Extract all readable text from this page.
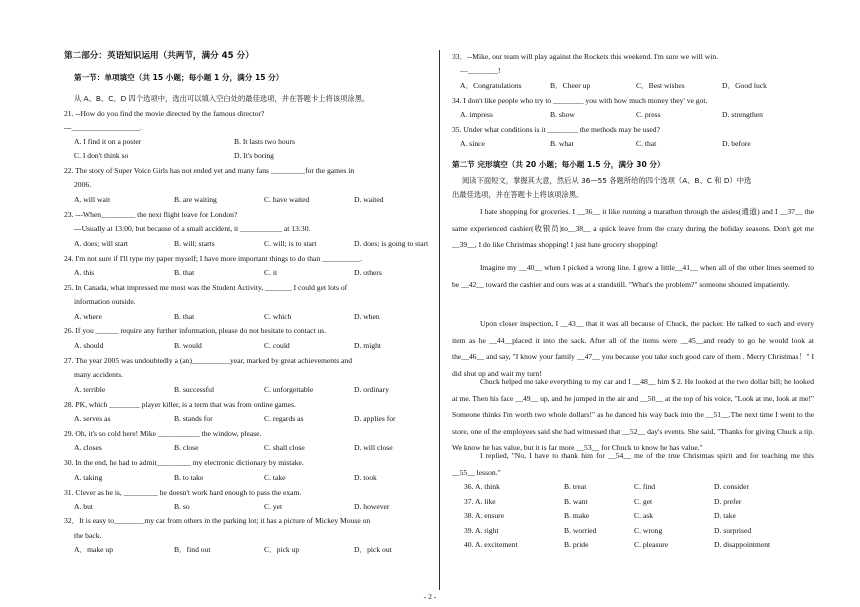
第二部分：英语知识运用（共两节，满分 45 分）
第一节：单项填空（共 15 小题；每小题 1 分，满分 15 分）
从 A、B、C、D 四个选项中，选出可以填入空白处的最佳选项，并在答题卡上将该项涂黑。
21. --How do you find the movie directed by the famous director?
---__________________.
A. I find it on a poster	B. It lasts two hours
C. I don't think so	D. It's boring
22. The story of Super Voice Girls has not ended yet and many fans _________for the games in
2006.
A. will wait	B. are waiting	C. have waited	D. waited
23. ---When_________ the next flight leave for London?
---Usually at 13:00, but because of a small accident, it ___________ at 13:30.
A. does; will start	B. will; starts	C. will; is to start	D. does; is going to start
24. I'm not sure if I'll type my paper myself; I have more important things to do than __________.
A. this	B. that	C. it	D. others
25. In Canada, what impressed me most was the Student Activity, _______ I could get lots of
information outside.
A. where	B. that	C. which	D. when
26. If you ______ require any further information, please do not hesitate to contact us.
A. should	B. would	C. could	D. might
27. The year 2005 was undoubtedly a (an)__________year, marked by great achievements and
many accidents.
A. terrible	B. successful	C. unforgettable	D. ordinary
28. PK, which ________ player killer, is a term that was from online games.
A. serves as	B. stands for	C. regards as	D. applies for
29. Oh, it's so cold here! Mike ___________ the window, please.
A. closes	B. close	C. shall close	D. will close
30. In the end, he had to admit_________ my electronic dictionary by mistake.
A. taking	B. to take	C. take	D. took
31. Clever as he is, _________ he doesn't work hard enough to pass the exam.
A. but	B. so	C. yet	D. however
32．It is easy to________my car from others in the parking lot; it has a picture of Mickey Mouse on
the back.
A．make up	B．find out	C．pick up	D．pick out
第二节 完形填空（共 20 小题；每小题 1.5 分，满分 30 分）
阅读下面短文，掌握其大意，然后从 36—55 各题所给的四个选项（A、B、C 和 D）中选
出最佳选项，并在答题卡上将该项涂黑。
I hate shopping for groceries. I __36__ it like running a marathon through the aisles(通道) and I __37__ the same experienced cashier(收银员)to__38__ a quick leave from the crazy during the holiday seasons. Don't get me __39__, I do like Christmas shopping! I just hate grocery shopping!
Imagine my __40__ when I picked a wrong line. I grew a little__41__ when all of the other lines seemed to be __42__ toward the cashier and ours was at a standstill. "What's the problem?" someone shouted impatiently.
Upon closer inspection, I __43__ that it was all because of Chuck, the packer. He talked to each and every item as he __44__placed it into the sack. After all of the items were __45__and ready to go he would look at the__46__ and say, "I know your family __47__ you because you take such good care of them . Merry Christmas！" I did shut up and wait my turn!
Chuck helped me take everything to my car and I __48__ him $ 2. He looked at the two dollar bill; he looked at me. Then his face __49__ up, and he jumped in the air and __50__ at the top of his voice, "Look at me, look at me!" Someone thinks I'm worth two whole dollars!" as he danced his way back into the __51__.The next time I went to the store, one of the employees said she had witnessed that __52__ day's events. She said, "Thanks for giving Chuck a tip. We know he has value, but it is far more __53__ for Chuck to know he has value."
I replied, "No, I have to thank him for __54__ me of the true Christmas spirit and for teaching me this __55__ lesson."
33．--Mike, our team will play against the Rockets this weekend. I'm sure we will win.
—________!
A．Congratulations	B．Cheer up	C．Best wishes	D．Good luck
34. I don't like people who try to ________ you with how much money they' ve got.
A. impress	B. show	C. press	D. strengthen
35. Under what conditions is it ________ the methods may be used?
A. since	B. what	C. that	D. before
36. A. think	B. treat	C. find	D. consider
37. A. like	B. want	C. get	D. prefer
38. A. ensure	B. make	C. ask	D. take
39. A. right	B. worried	C. wrong	D. surprised
40. A. excitement	B. pride	C. pleasure	D. disappointment
- 2 -
